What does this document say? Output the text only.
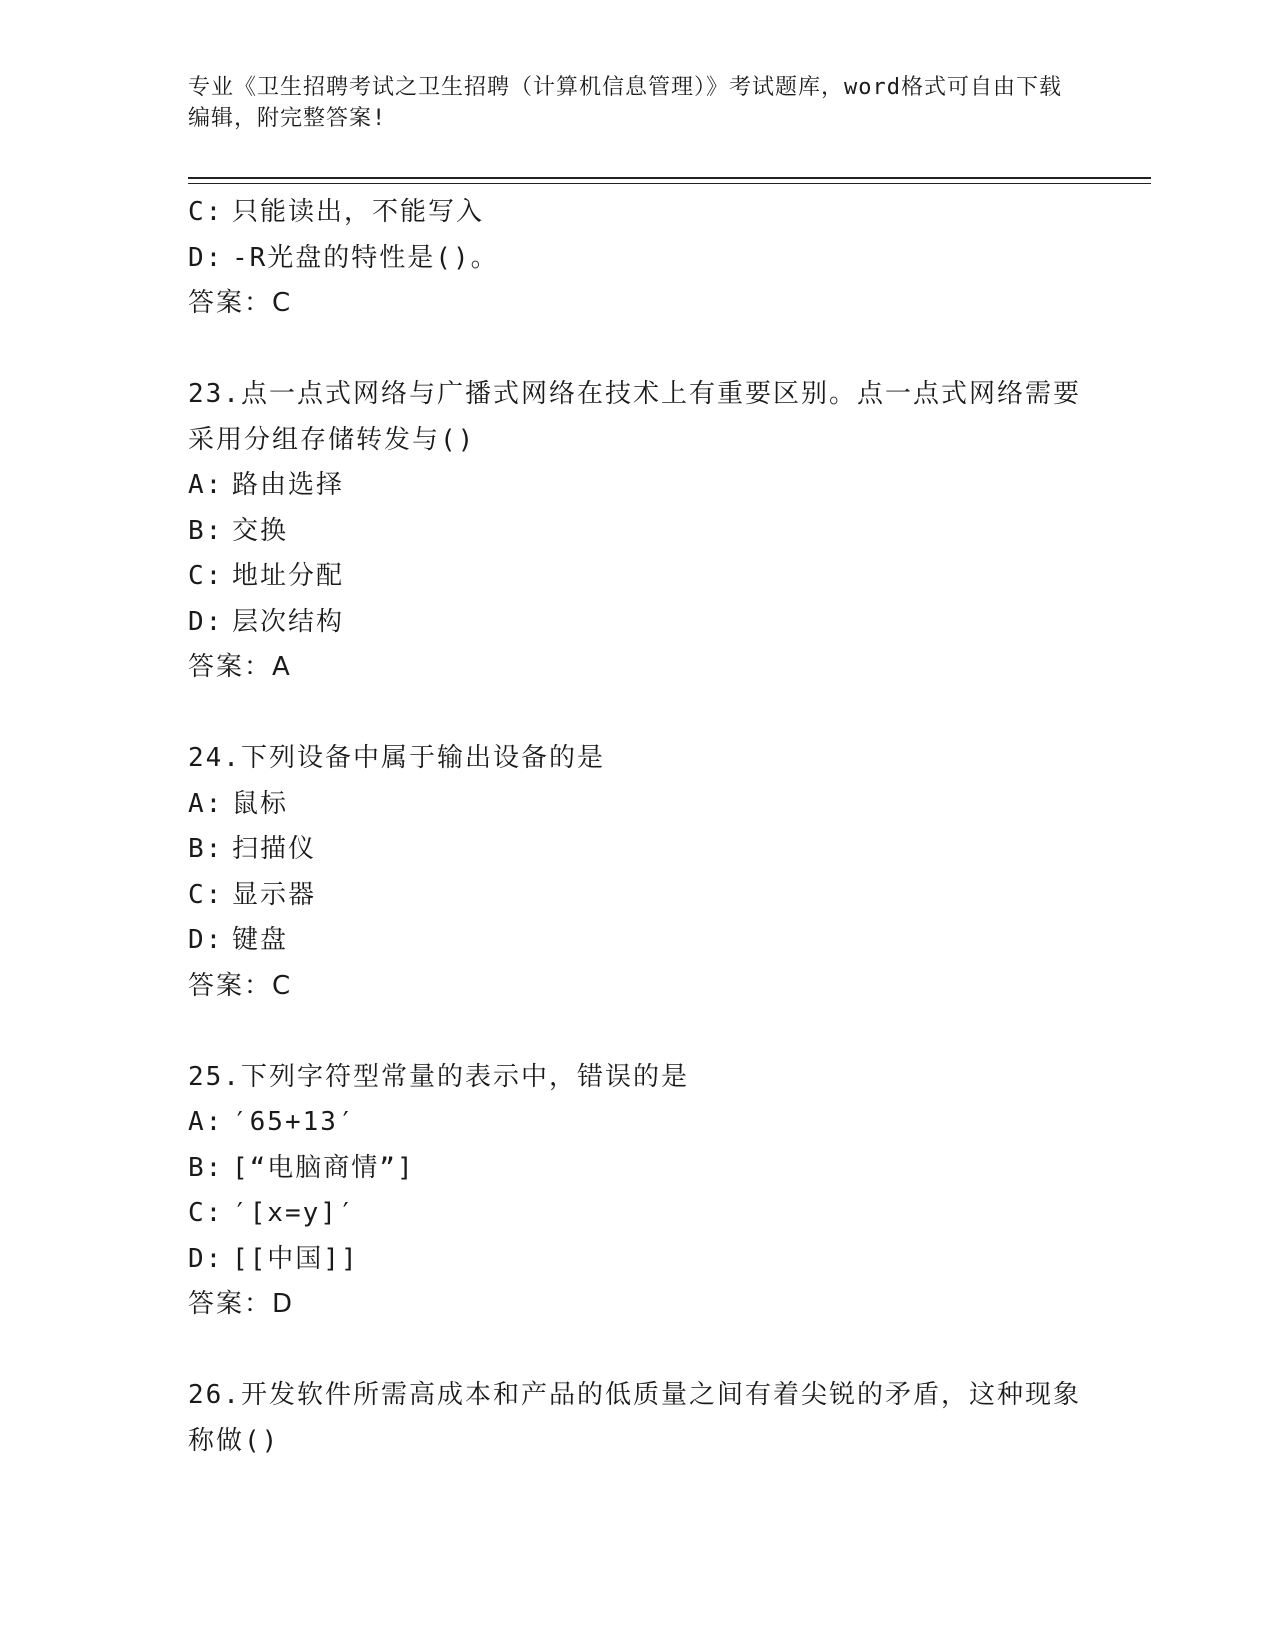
专业《卫生招聘考试之卫生招聘（计算机信息管理）》考试题库，word格式可自由下载编辑，附完整答案!
C: 只能读出，不能写入
D: -R光盘的特性是()。
答案：C
23.点一点式网络与广播式网络在技术上有重要区别。点一点式网络需要采用分组存储转发与()
A: 路由选择
B: 交换
C: 地址分配
D: 层次结构
答案：A
24.下列设备中属于输出设备的是
A: 鼠标
B: 扫描仪
C: 显示器
D: 键盘
答案：C
25.下列字符型常量的表示中，错误的是
A: ′65+13′
B: [“电脑商情”]
C: ′[x=y]′
D: [[中国]]
答案：D
26.开发软件所需高成本和产品的低质量之间有着尖锐的矛盾，这种现象称做()
